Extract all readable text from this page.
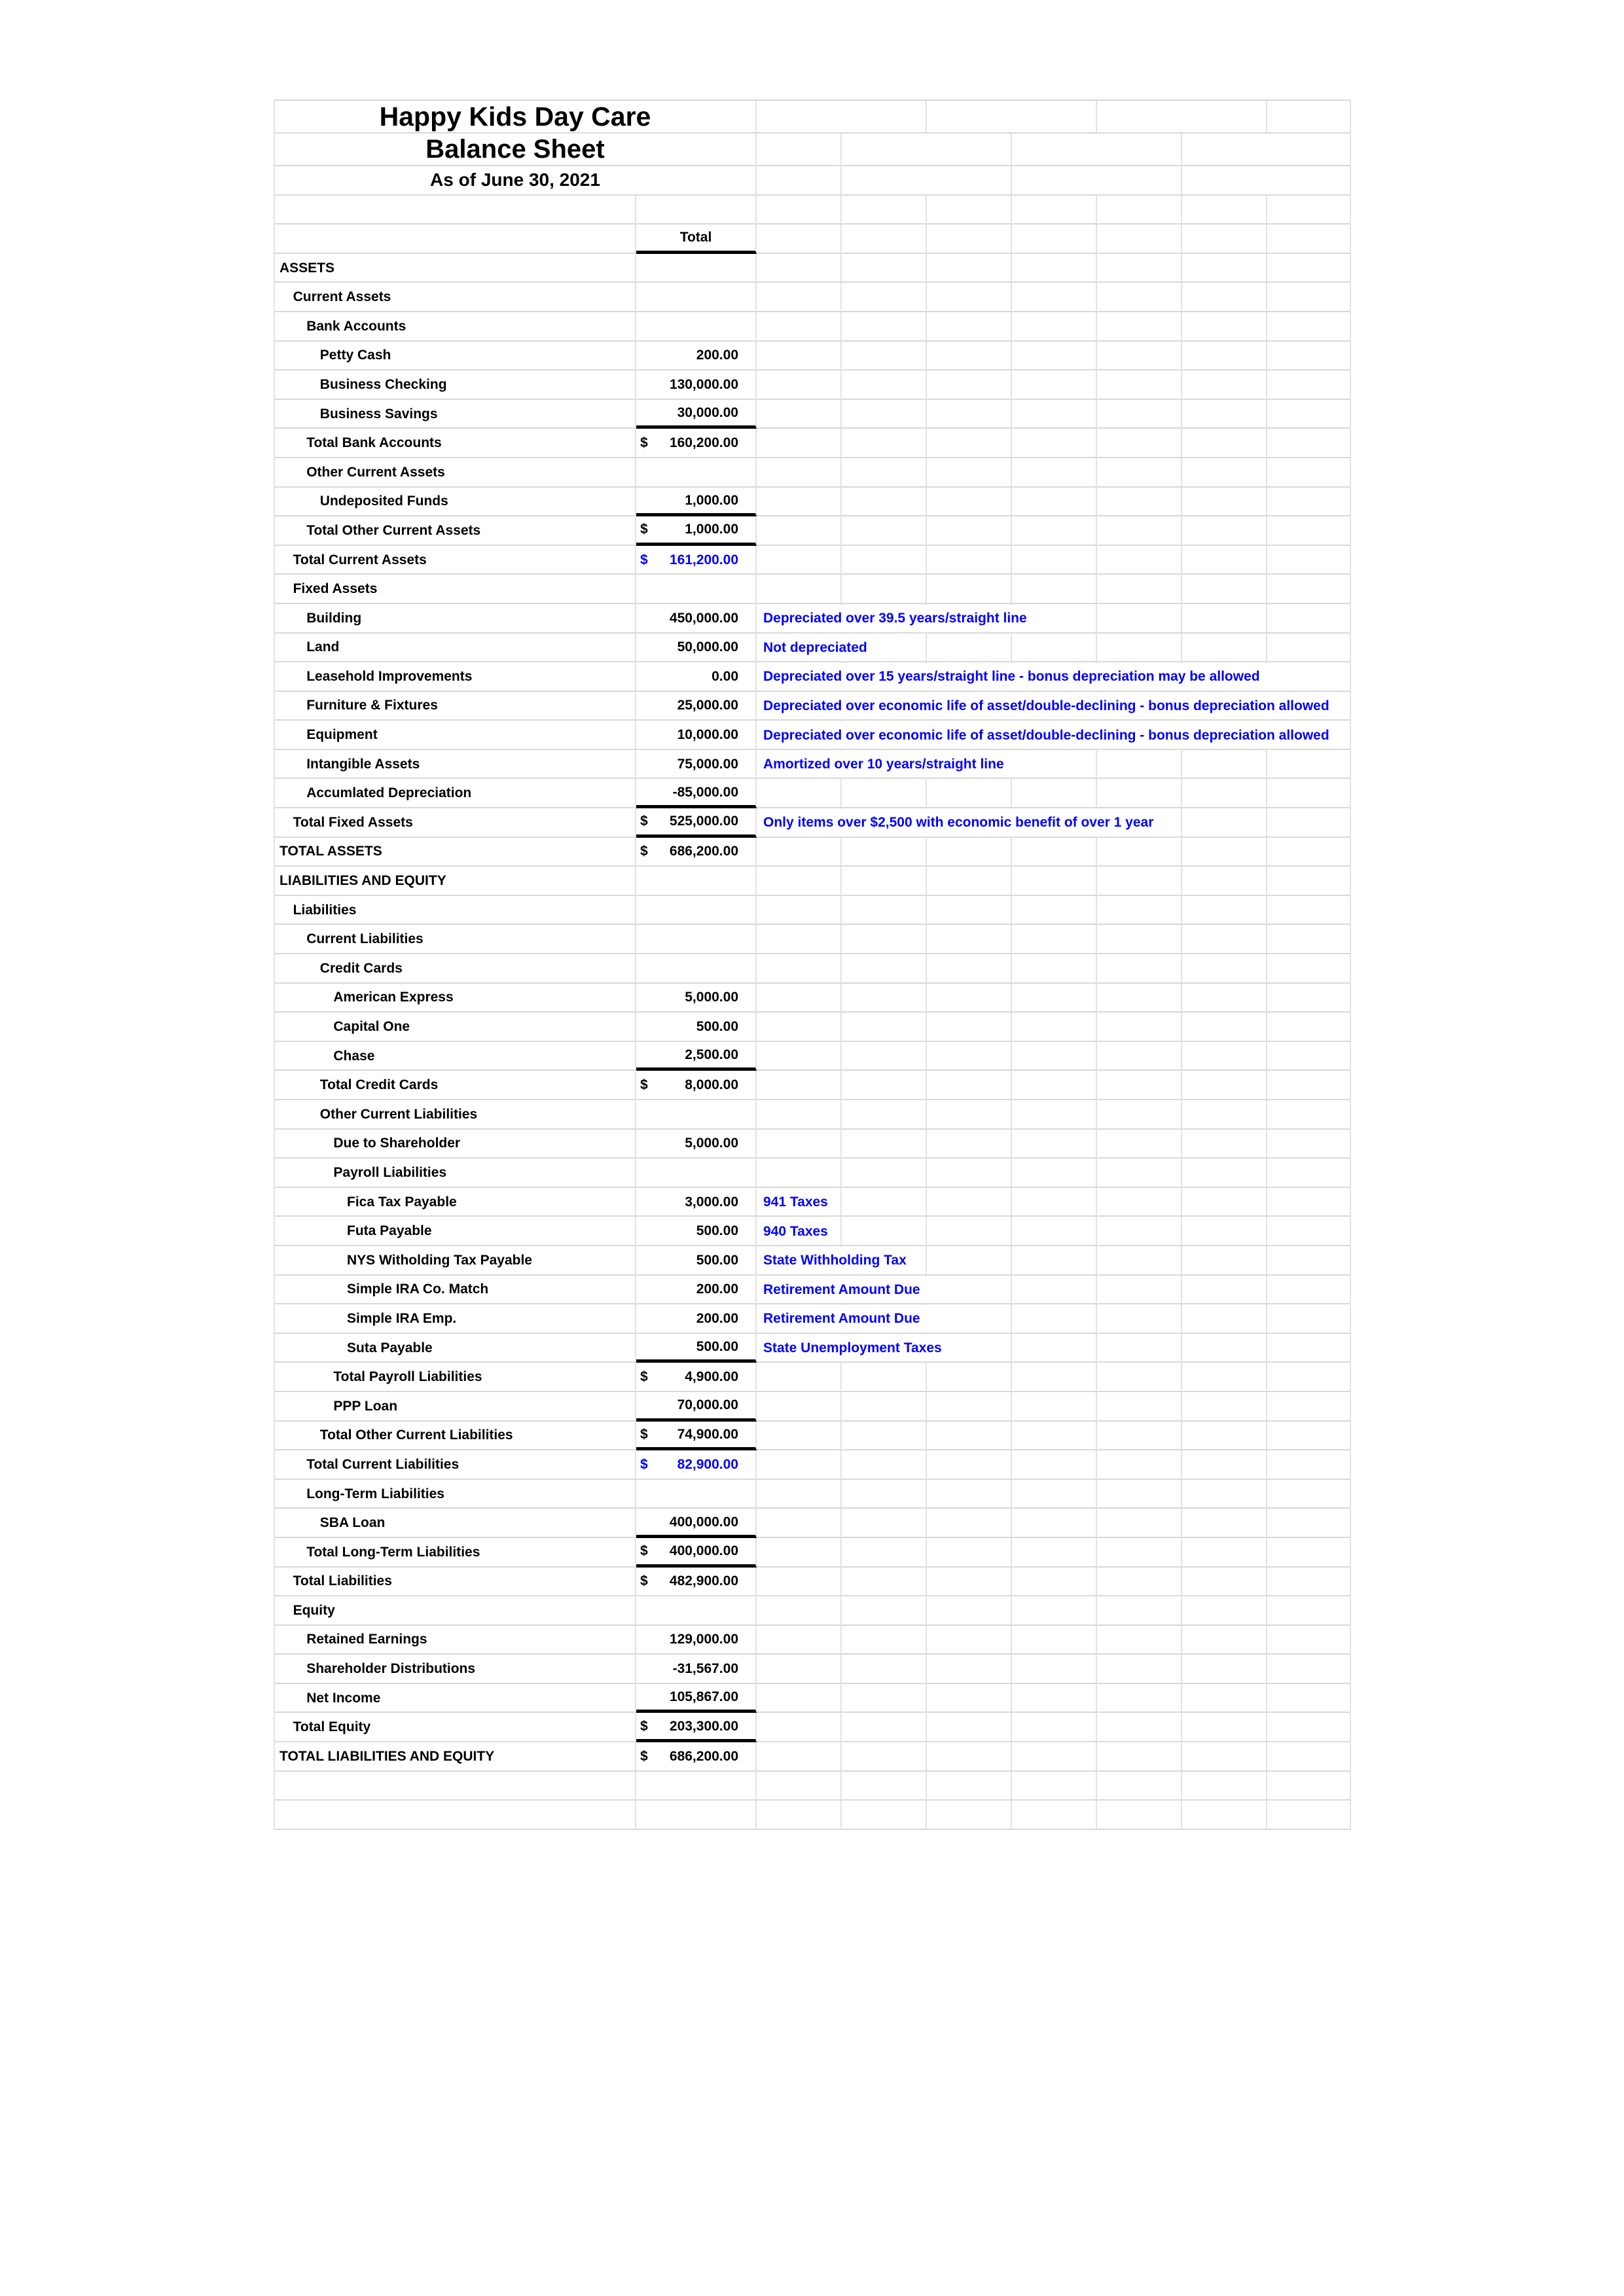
Happy Kids Day Care
Balance Sheet
As of June 30, 2021
Total
ASSETS
Current Assets
Bank Accounts
Petty Cash	200.00
Business Checking	130,000.00
Business Savings	30,000.00
Total Bank Accounts	$	160,200.00
Other Current Assets
Undeposited Funds	1,000.00
Total Other Current Assets	$	1,000.00
Total Current Assets	$	161,200.00
Fixed Assets
Building	450,000.00	Depreciated over 39.5 years/straight line
Land	50,000.00	Not depreciated
Leasehold Improvements	0.00	Depreciated over 15 years/straight line - bonus depreciation may be allowed
Furniture & Fixtures	25,000.00	Depreciated over economic life of asset/double-declining - bonus depreciation allowed
Equipment	10,000.00	Depreciated over economic life of asset/double-declining - bonus depreciation allowed
Intangible Assets	75,000.00	Amortized over 10 years/straight line
Accumlated Depreciation	-85,000.00
Total Fixed Assets	$	525,000.00	Only items over $2,500 with economic benefit of over 1 year
TOTAL ASSETS	$	686,200.00
LIABILITIES AND EQUITY
Liabilities
Current Liabilities
Credit Cards
American Express	5,000.00
Capital One	500.00
Chase	2,500.00
Total Credit Cards	$	8,000.00
Other Current Liabilities
Due to Shareholder	5,000.00
Payroll Liabilities
Fica Tax Payable	3,000.00	941 Taxes
Futa Payable	500.00	940 Taxes
NYS Witholding Tax Payable	500.00	State Withholding Tax
Simple IRA Co. Match	200.00	Retirement Amount Due
Simple IRA Emp.	200.00	Retirement Amount Due
Suta Payable	500.00	State Unemployment Taxes
Total Payroll Liabilities	$	4,900.00
PPP Loan	70,000.00
Total Other Current Liabilities	$	74,900.00
Total Current Liabilities	$	82,900.00
Long-Term Liabilities
SBA Loan	400,000.00
Total Long-Term Liabilities	$	400,000.00
Total Liabilities	$	482,900.00
Equity
Retained Earnings	129,000.00
Shareholder Distributions	-31,567.00
Net Income	105,867.00
Total Equity	$	203,300.00
TOTAL LIABILITIES AND EQUITY	$	686,200.00
